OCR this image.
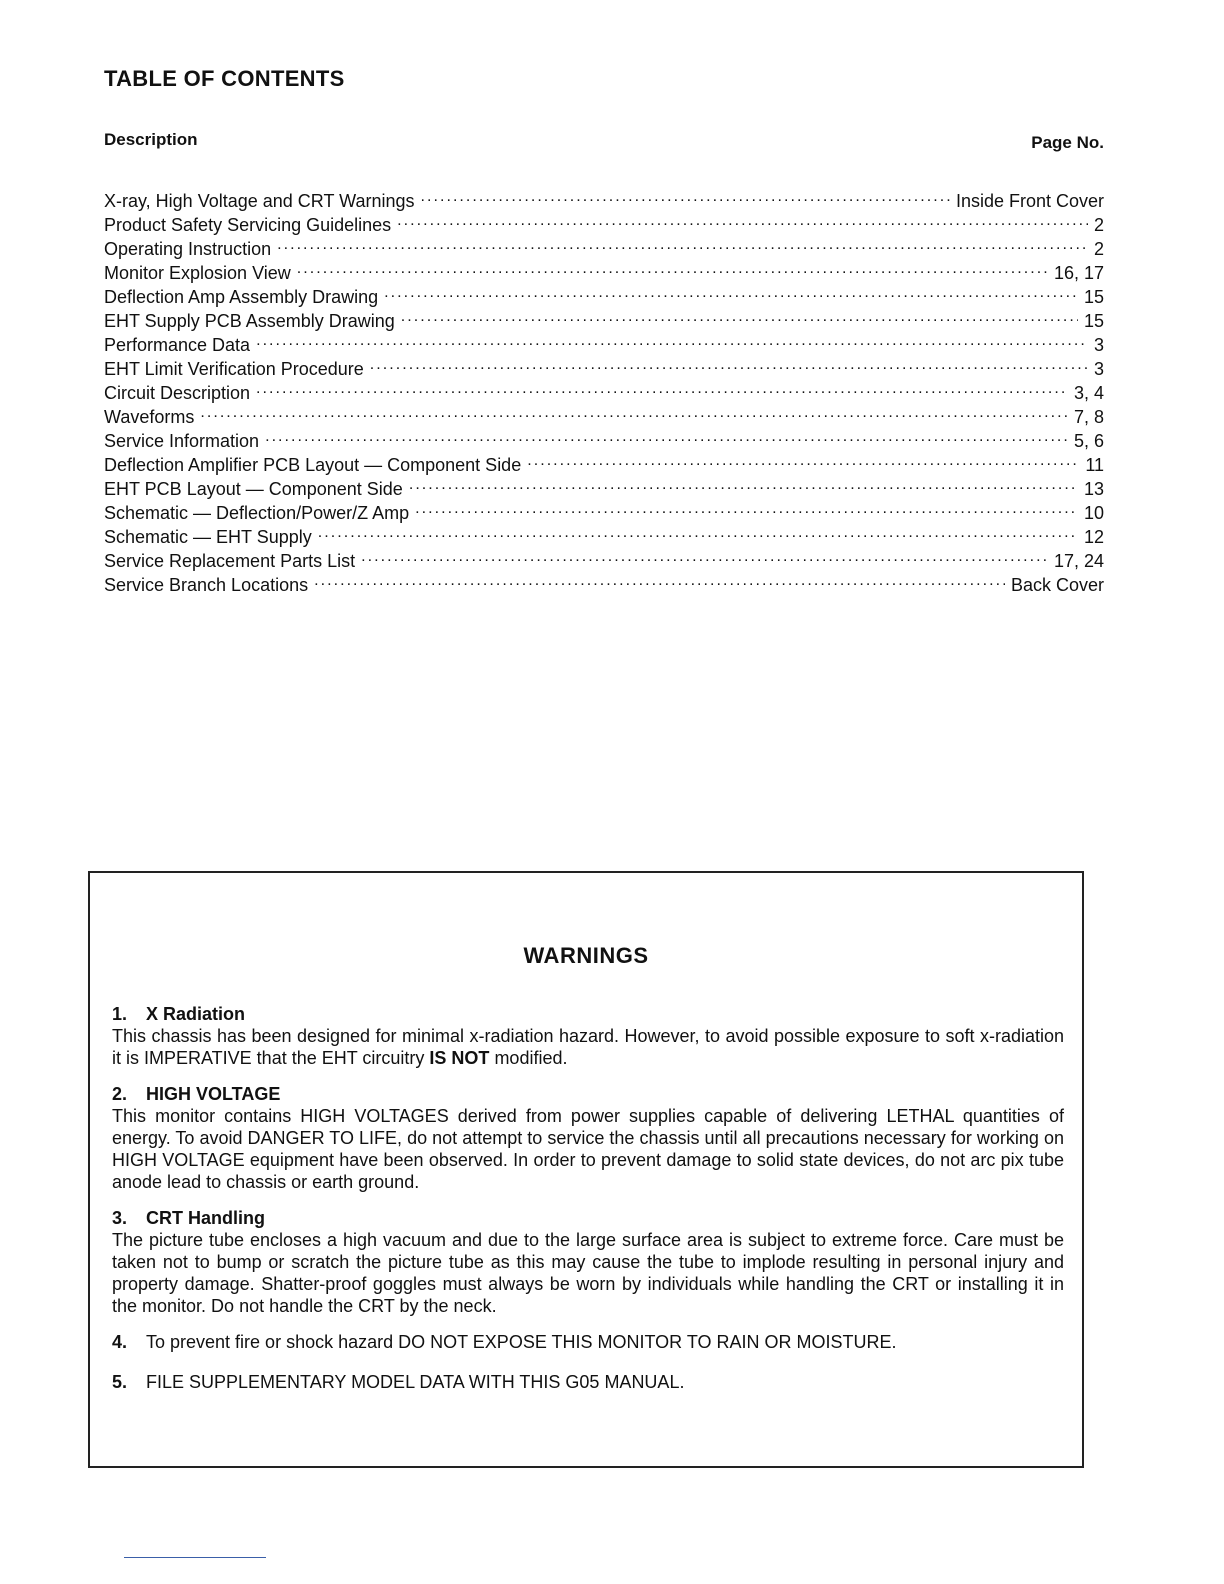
TABLE OF CONTENTS
Description	Page No.
X-ray, High Voltage and CRT Warnings . . .	Inside Front Cover
Product Safety Servicing Guidelines . . .	2
Operating Instruction . . .	2
Monitor Explosion View . . .	16, 17
Deflection Amp Assembly Drawing . . .	15
EHT Supply PCB Assembly Drawing . . .	15
Performance Data . . .	3
EHT Limit Verification Procedure . . .	3
Circuit Description . . .	3, 4
Waveforms . . .	7, 8
Service Information . . .	5, 6
Deflection Amplifier PCB Layout — Component Side . . .	11
EHT PCB Layout — Component Side . . .	13
Schematic — Deflection/Power/Z Amp . . .	10
Schematic — EHT Supply . . .	12
Service Replacement Parts List . . .	17, 24
Service Branch Locations . . .	Back Cover
WARNINGS
1. X Radiation
This chassis has been designed for minimal x-radiation hazard. However, to avoid possible exposure to soft x-radiation it is IMPERATIVE that the EHT circuitry IS NOT modified.
2. HIGH VOLTAGE
This monitor contains HIGH VOLTAGES derived from power supplies capable of delivering LETHAL quantities of energy. To avoid DANGER TO LIFE, do not attempt to service the chassis until all precautions necessary for working on HIGH VOLTAGE equipment have been observed. In order to prevent damage to solid state devices, do not arc pix tube anode lead to chassis or earth ground.
3. CRT Handling
The picture tube encloses a high vacuum and due to the large surface area is subject to extreme force. Care must be taken not to bump or scratch the picture tube as this may cause the tube to implode resulting in personal injury and property damage. Shatter-proof goggles must always be worn by individuals while handling the CRT or installing it in the monitor. Do not handle the CRT by the neck.
4. To prevent fire or shock hazard DO NOT EXPOSE THIS MONITOR TO RAIN OR MOISTURE.
5. FILE SUPPLEMENTARY MODEL DATA WITH THIS G05 MANUAL.
